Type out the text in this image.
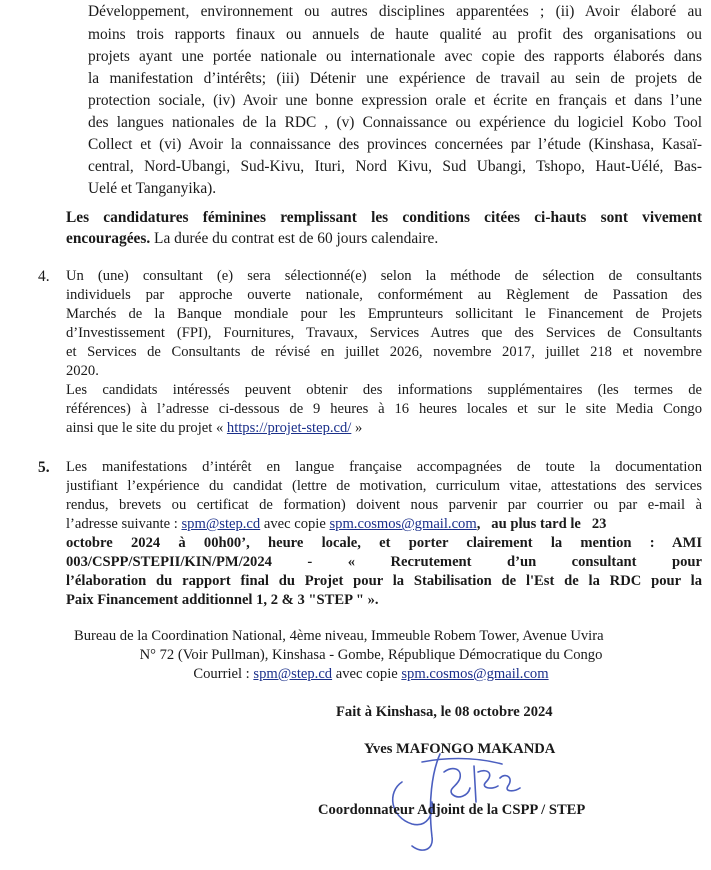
Développement, environnement ou autres disciplines apparentées ; (ii) Avoir élaboré au
moins trois rapports finaux ou annuels de haute qualité au profit des organisations ou
projets ayant une portée nationale ou internationale avec copie des rapports élaborés dans
la manifestation d’intérêts; (iii) Détenir une expérience de travail au sein de projets de
protection sociale, (iv) Avoir une bonne expression orale et écrite en français et dans l’une
des langues nationales de la RDC , (v) Connaissance ou expérience du logiciel Kobo Tool
Collect et (vi) Avoir la connaissance des provinces concernées par l’étude (Kinshasa, Kasaï-
central, Nord-Ubangi, Sud-Kivu, Ituri, Nord Kivu, Sud Ubangi, Tshopo, Haut-Uélé, Bas-
Uelé et Tanganyika).
Les candidatures féminines remplissant les conditions citées ci-hauts sont vivement
encouragées. La durée du contrat est de 60 jours calendaire.
4. Un (une) consultant (e) sera sélectionné(e) selon la méthode de sélection de consultants
individuels par approche ouverte nationale, conformément au Règlement de Passation des
Marchés de la Banque mondiale pour les Emprunteurs sollicitant le Financement de Projets
d’Investissement (FPI), Fournitures, Travaux, Services Autres que des Services de Consultants
et Services de Consultants de révisé en juillet 2026, novembre 2017, juillet 218 et novembre
2020.
Les candidats intéressés peuvent obtenir des informations supplémentaires (les termes de
références) à l’adresse ci-dessous de 9 heures à 16 heures locales et sur le site Media Congo
ainsi que le site du projet « https://projet-step.cd/ »
5. Les manifestations d’intérêt en langue française accompagnées de toute la documentation
justifiant l’expérience du candidat (lettre de motivation, curriculum vitae, attestations des services
rendus, brevets ou certificat de formation) doivent nous parvenir par courrier ou par e-mail à
l’adresse suivante : spm@step.cd avec copie spm.cosmos@gmail.com,   au plus tard le   23
octobre 2024 à 00h00’, heure locale, et porter clairement la mention : AMI
003/CSPP/STEPII/KIN/PM/2024 - « Recrutement d’un consultant pour
l’élaboration du rapport final du Projet pour la Stabilisation de l'Est de la RDC pour la
Paix Financement additionnel 1, 2 & 3 "STEP " ».
Bureau de la Coordination National, 4ème niveau, Immeuble Robem Tower, Avenue Uvira
N° 72 (Voir Pullman), Kinshasa - Gombe, République Démocratique du Congo
Courriel : spm@step.cd avec copie spm.cosmos@gmail.com
Fait à Kinshasa, le 08 octobre 2024
Yves MAFONGO MAKANDA
Coordonnateur Adjoint de la CSPP / STEP
